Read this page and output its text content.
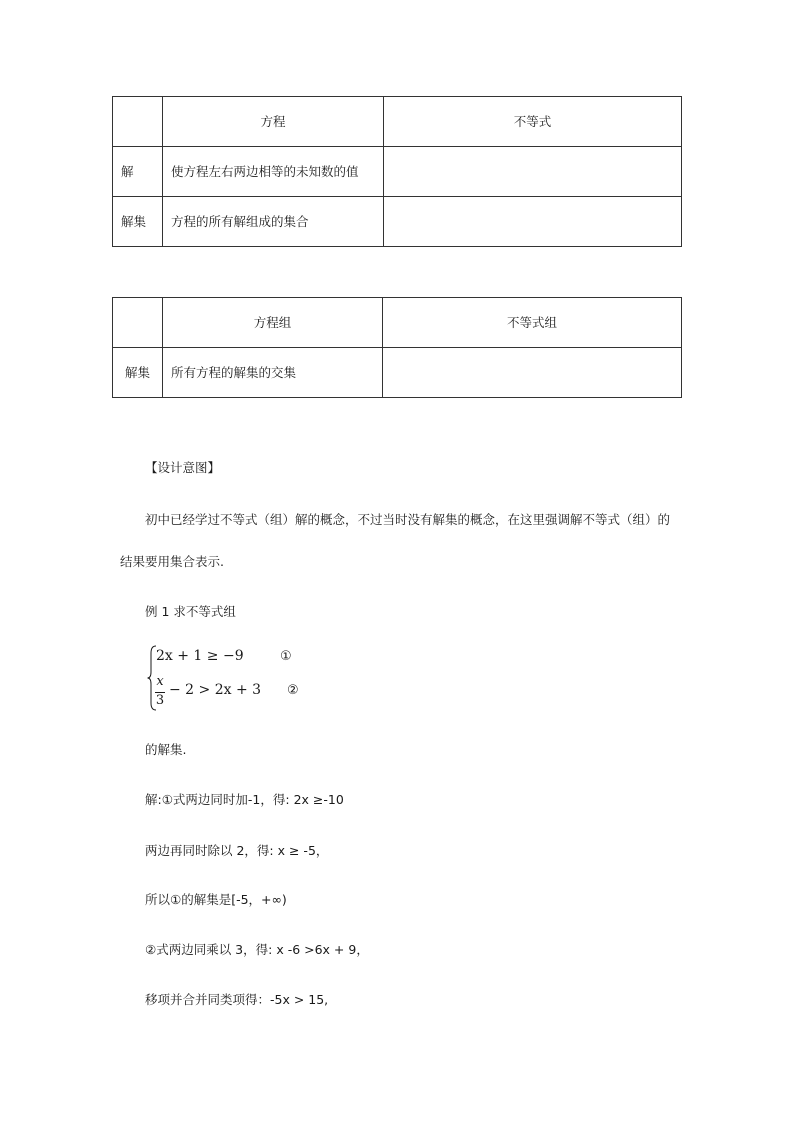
	方程	不等式
解	使方程左右两边相等的未知数的值	
解集	方程的所有解组成的集合	
	方程组	不等式组
解集	所有方程的解集的交集	
【设计意图】
初中已经学过不等式（组）解的概念，不过当时没有解集的概念，在这里强调解不等式（组）的
结果要用集合表示.
例 1 求不等式组
2x + 1 ≥ −9	①
x
3
− 2 > 2x + 3 ②
的解集.
解:①式两边同时加-1，得: 2x ≥-10
两边再同时除以 2，得: x ≥ -5，
所以①的解集是[-5，+∞)
②式两边同乘以 3，得: x -6 >6x + 9，
移项并合并同类项得：-5x > 15,
